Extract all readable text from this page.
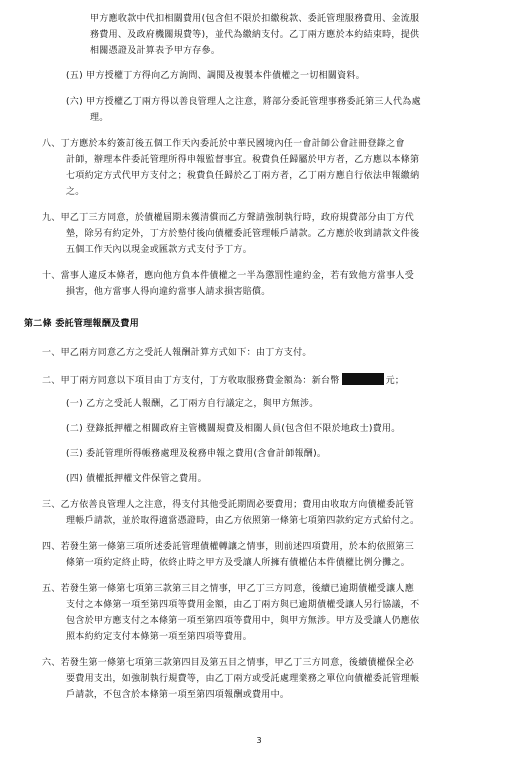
甲方應收款中代扣相關費用(包含但不限於扣繳稅款、委託管理服務費用、金流服
務費用、及政府機關規費等)，並代為繳納支付。乙丁兩方應於本約結束時，提供
相關憑證及計算表予甲方存參。
(五) 甲方授權丁方得向乙方詢問、調閱及複製本件債權之一切相關資料。
(六) 甲方授權乙丁兩方得以善良管理人之注意，將部分委託管理事務委託第三人代為處
理。
八、丁方應於本約簽訂後五個工作天內委託於中華民國境內任一會計師公會註冊登錄之會
計師，辦理本件委託管理所得申報監督事宜。稅費負任歸屬於甲方者，乙方應以本條第
七項約定方式代甲方支付之；稅費負任歸於乙丁兩方者，乙丁兩方應自行依法申報繳納
之。
九、甲乙丁三方同意，於債權屆期未獲清償而乙方聲請強制執行時，政府規費部分由丁方代
墊，除另有約定外，丁方於墊付後向債權委託管理帳戶請款。乙方應於收到請款文件後
五個工作天內以現金或匯款方式支付予丁方。
十、當事人違反本條者，應向他方負本件債權之一半為懲罰性違約金，若有致他方當事人受
損害，他方當事人得向違約當事人請求損害賠償。
第二條 委託管理報酬及費用
一、甲乙兩方同意乙方之受託人報酬計算方式如下：由丁方支付。
二、甲丁兩方同意以下項目由丁方支付，丁方收取服務費金額為：新台幣	元；
(一) 乙方之受託人報酬，乙丁兩方自行議定之，與甲方無涉。
(二) 登錄抵押權之相關政府主管機關規費及相關人員(包含但不限於地政士)費用。
(三) 委託管理所得帳務處理及稅務申報之費用(含會計師報酬)。
(四) 債權抵押權文件保管之費用。
三、乙方依善良管理人之注意，得支付其他受託期間必要費用；費用由收取方向債權委託管
理帳戶請款，並於取得適當憑證時，由乙方依照第一條第七項第四款約定方式給付之。
四、若發生第一條第三項所述委託管理債權轉讓之情事，則前述四項費用，於本約依照第三
條第一項約定終止時，依終止時之甲方及受讓人所擁有債權佔本件債權比例分攤之。
五、若發生第一條第七項第三款第三目之情事，甲乙丁三方同意，後續已逾期債權受讓人應
支付之本條第一項至第四項等費用金額，由乙丁兩方與已逾期債權受讓人另行協議，不
包含於甲方應支付之本條第一項至第四項等費用中，與甲方無涉。甲方及受讓人仍應依
照本約約定支付本條第一項至第四項等費用。
六、若發生第一條第七項第三款第四目及第五目之情事，甲乙丁三方同意，後續債權保全必
要費用支出，如強制執行規費等，由乙丁兩方或受託處理業務之單位向債權委託管理帳
戶請款，不包含於本條第一項至第四項報酬或費用中。
3
